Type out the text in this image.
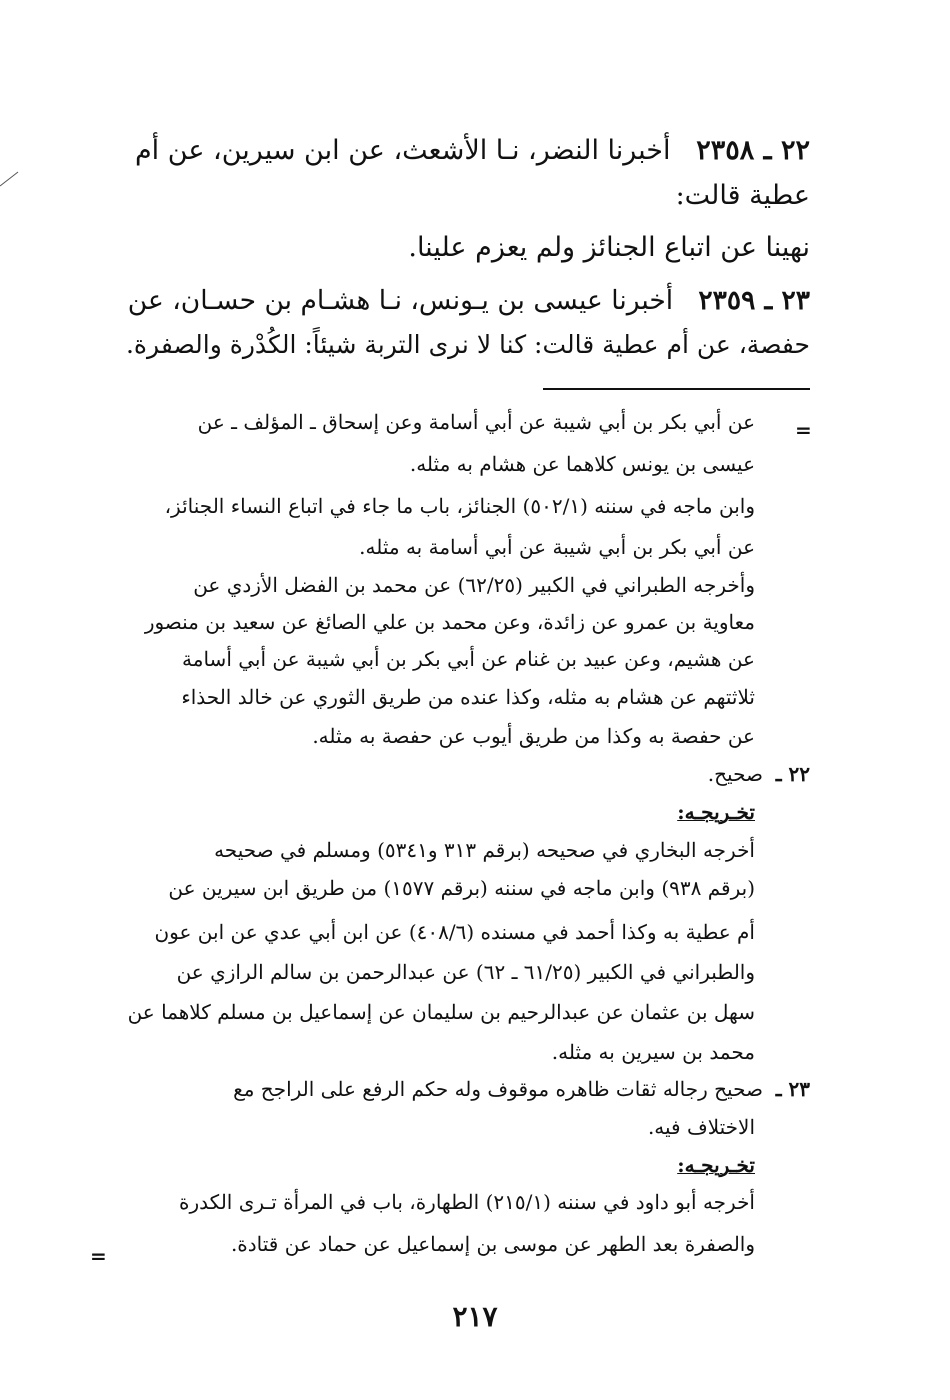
٢٢ ـ ٢٣٥٨   أخبرنا النضر، نـا الأشعث، عن ابن سيرين، عن أم

عطية قالت:

نهينا عن اتباع الجنائز ولم يعزم علينا.

٢٣ ـ ٢٣٥٩   أخبرنا عيسى بن يـونس، نـا هشـام بن حسـان، عن

حفصة، عن أم عطية قالت: كنا لا نرى التربة شيئاً: الكُدْرة والصفرة.

=

عن أبي بكر بن أبي شيبة عن أبي أسامة وعن إسحاق ـ المؤلف ـ عن

عيسى بن يونس كلاهما عن هشام به مثله.

وابن ماجه في سننه (٥٠٢/١) الجنائز، باب ما جاء في اتباع النساء الجنائز،

عن أبي بكر بن أبي شيبة عن أبي أسامة به مثله.

وأخرجه الطبراني في الكبير (٦٢/٢٥) عن محمد بن الفضل الأزدي عن

معاوية بن عمرو عن زائدة، وعن محمد بن علي الصائغ عن سعيد بن منصور

عن هشيم، وعن عبيد بن غنام عن أبي بكر بن أبي شيبة عن أبي أسامة

ثلاثتهم عن هشام به مثله، وكذا عنده من طريق الثوري عن خالد الحذاء

عن حفصة به وكذا من طريق أيوب عن حفصة به مثله.

٢٢ ـ  صحيح.

تخـريجـه:

أخرجه البخاري في صحيحه (برقم ٣١٣ و٥٣٤١) ومسلم في صحيحه

(برقم ٩٣٨) وابن ماجه في سننه (برقم ١٥٧٧) من طريق ابن سيرين عن

أم عطية به وكذا أحمد في مسنده (٤٠٨/٦) عن ابن أبي عدي عن ابن عون

والطبراني في الكبير (٦١/٢٥ ـ ٦٢) عن عبدالرحمن بن سالم الرازي عن

سهل بن عثمان عن عبدالرحيم بن سليمان عن إسماعيل بن مسلم كلاهما عن

محمد بن سيرين به مثله.

٢٣ ـ  صحيح رجاله ثقات ظاهره موقوف وله حكم الرفع على الراجح مع

الاختلاف فيه.

تخـريجـه:

أخرجه أبو داود في سننه (٢١٥/١) الطهارة، باب في المرأة تـرى الكدرة

والصفرة بعد الطهر عن موسى بن إسماعيل عن حماد عن قتادة.

=
٢١٧
